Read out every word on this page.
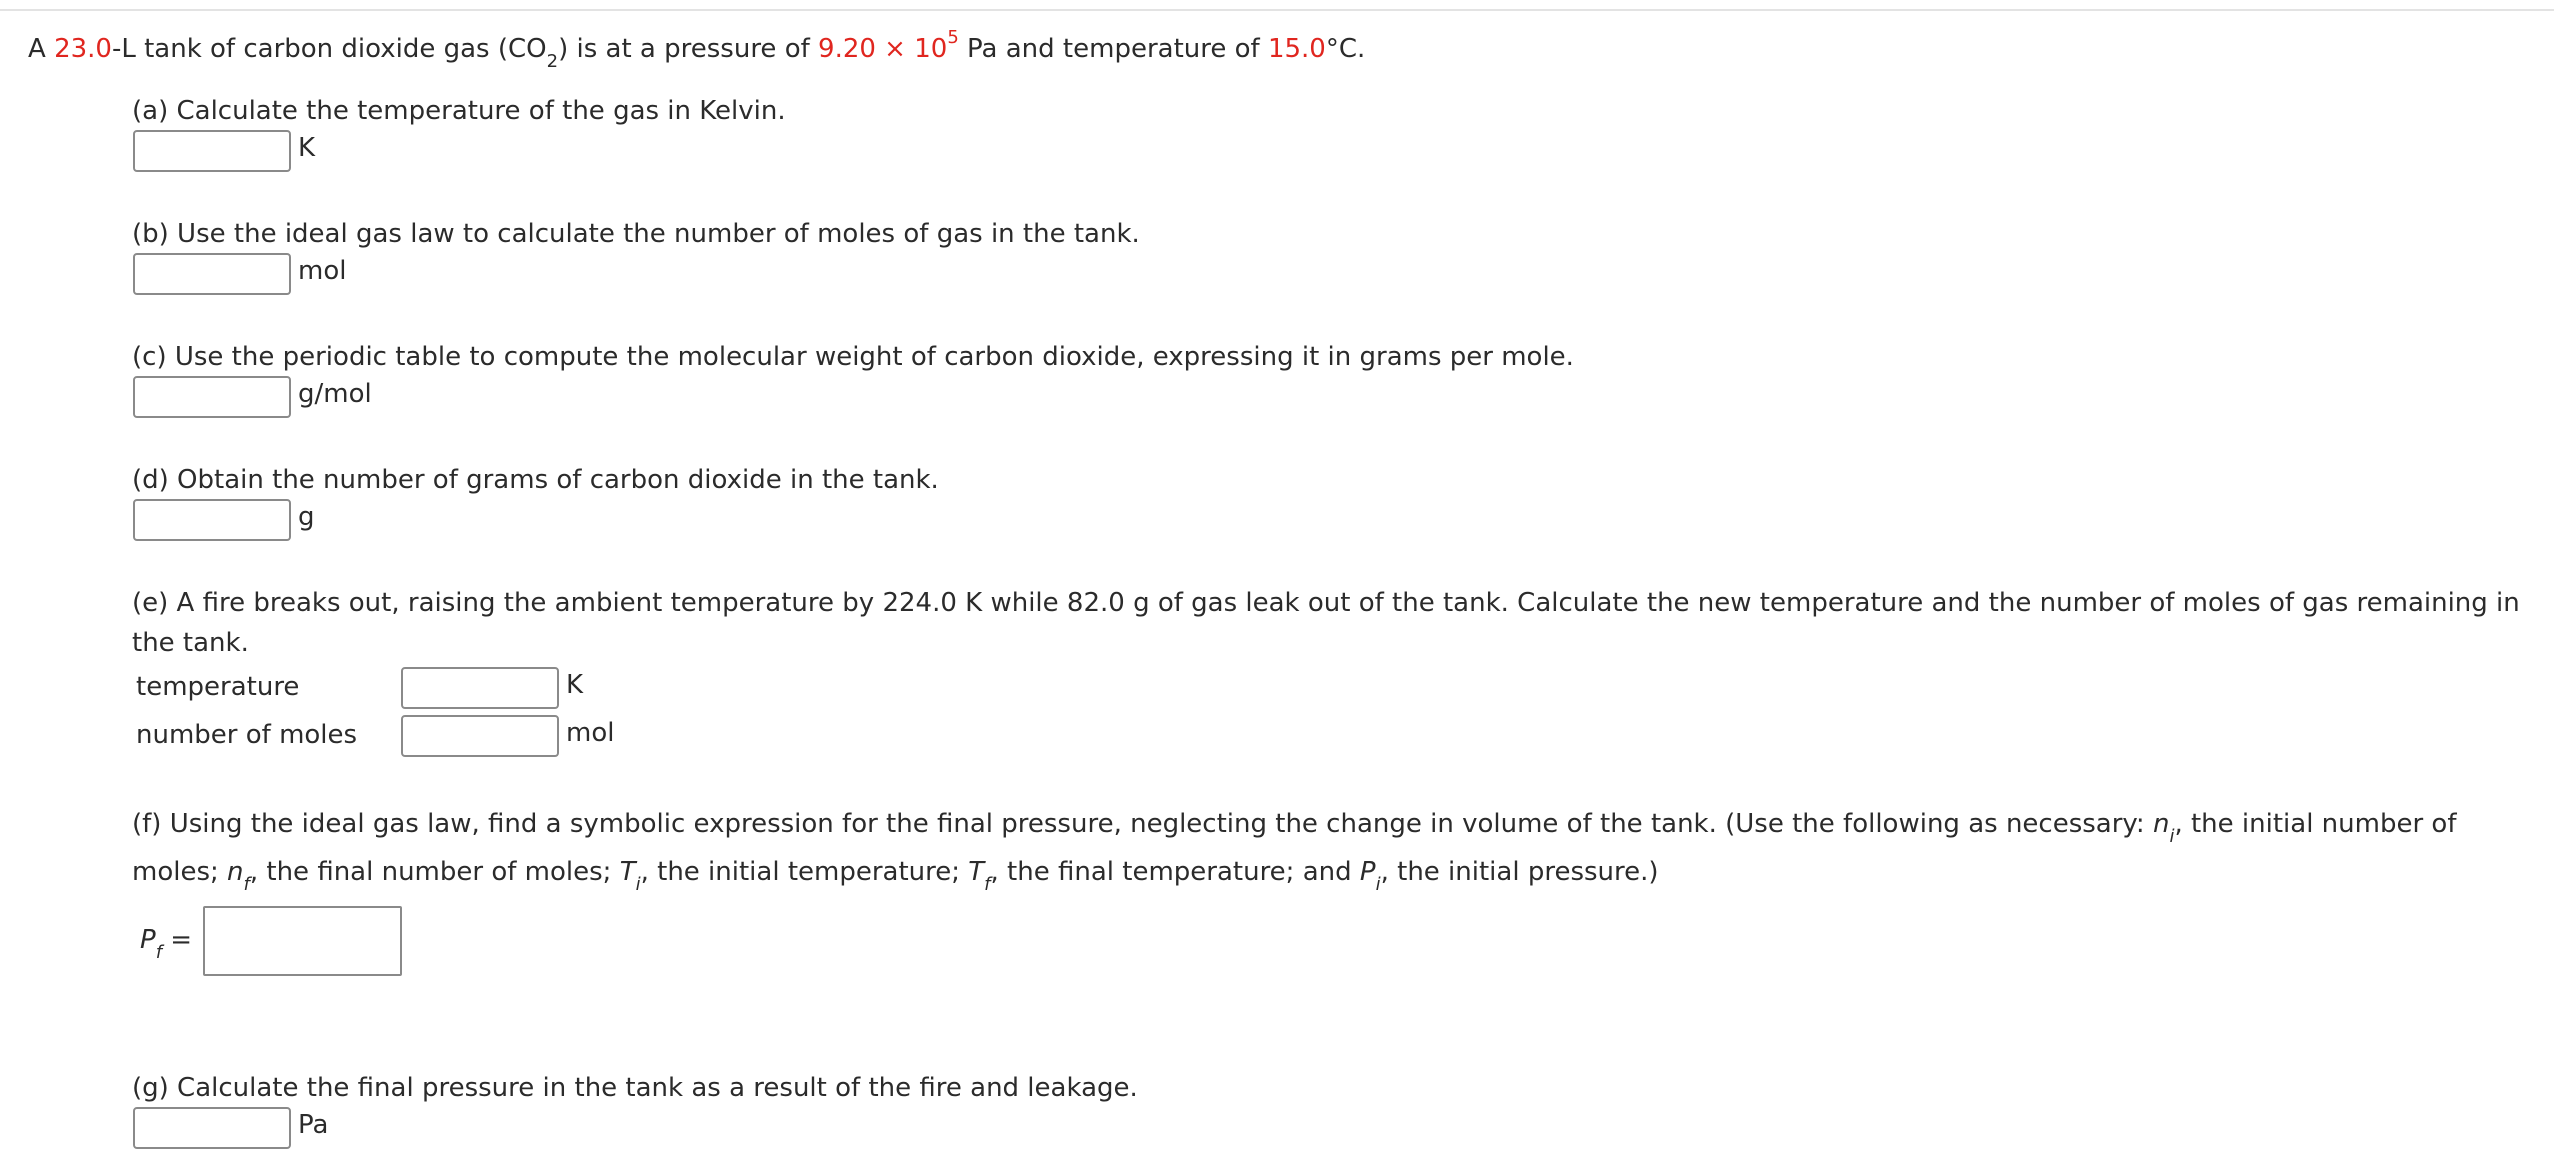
A 23.0-L tank of carbon dioxide gas $(CO_2)$ is at a pressure of $9.20 \times 10^5$ Pa and temperature of 15.0°C.
(a) Calculate the temperature of the gas in Kelvin.
K
(b) Use the ideal gas law to calculate the number of moles of gas in the tank.
mol
(c) Use the periodic table to compute the molecular weight of carbon dioxide, expressing it in grams per mole.
g/mol
(d) Obtain the number of grams of carbon dioxide in the tank.
g
(e) A fire breaks out, raising the ambient temperature by 224.0 K while 82.0 g of gas leak out of the tank. Calculate the new temperature and the number of moles of gas remaining in
the tank.
temperature	K
number of moles	mol
(f) Using the ideal gas law, find a symbolic expression for the final pressure, neglecting the change in volume of the tank. (Use the following as necessary: $n_i$, the initial number of
moles; $n_f$, the final number of moles; $T_i$, the initial temperature; $T_f$, the final temperature; and $P_i$, the initial pressure.)
$P_f$ =
(g) Calculate the final pressure in the tank as a result of the fire and leakage.
Pa
